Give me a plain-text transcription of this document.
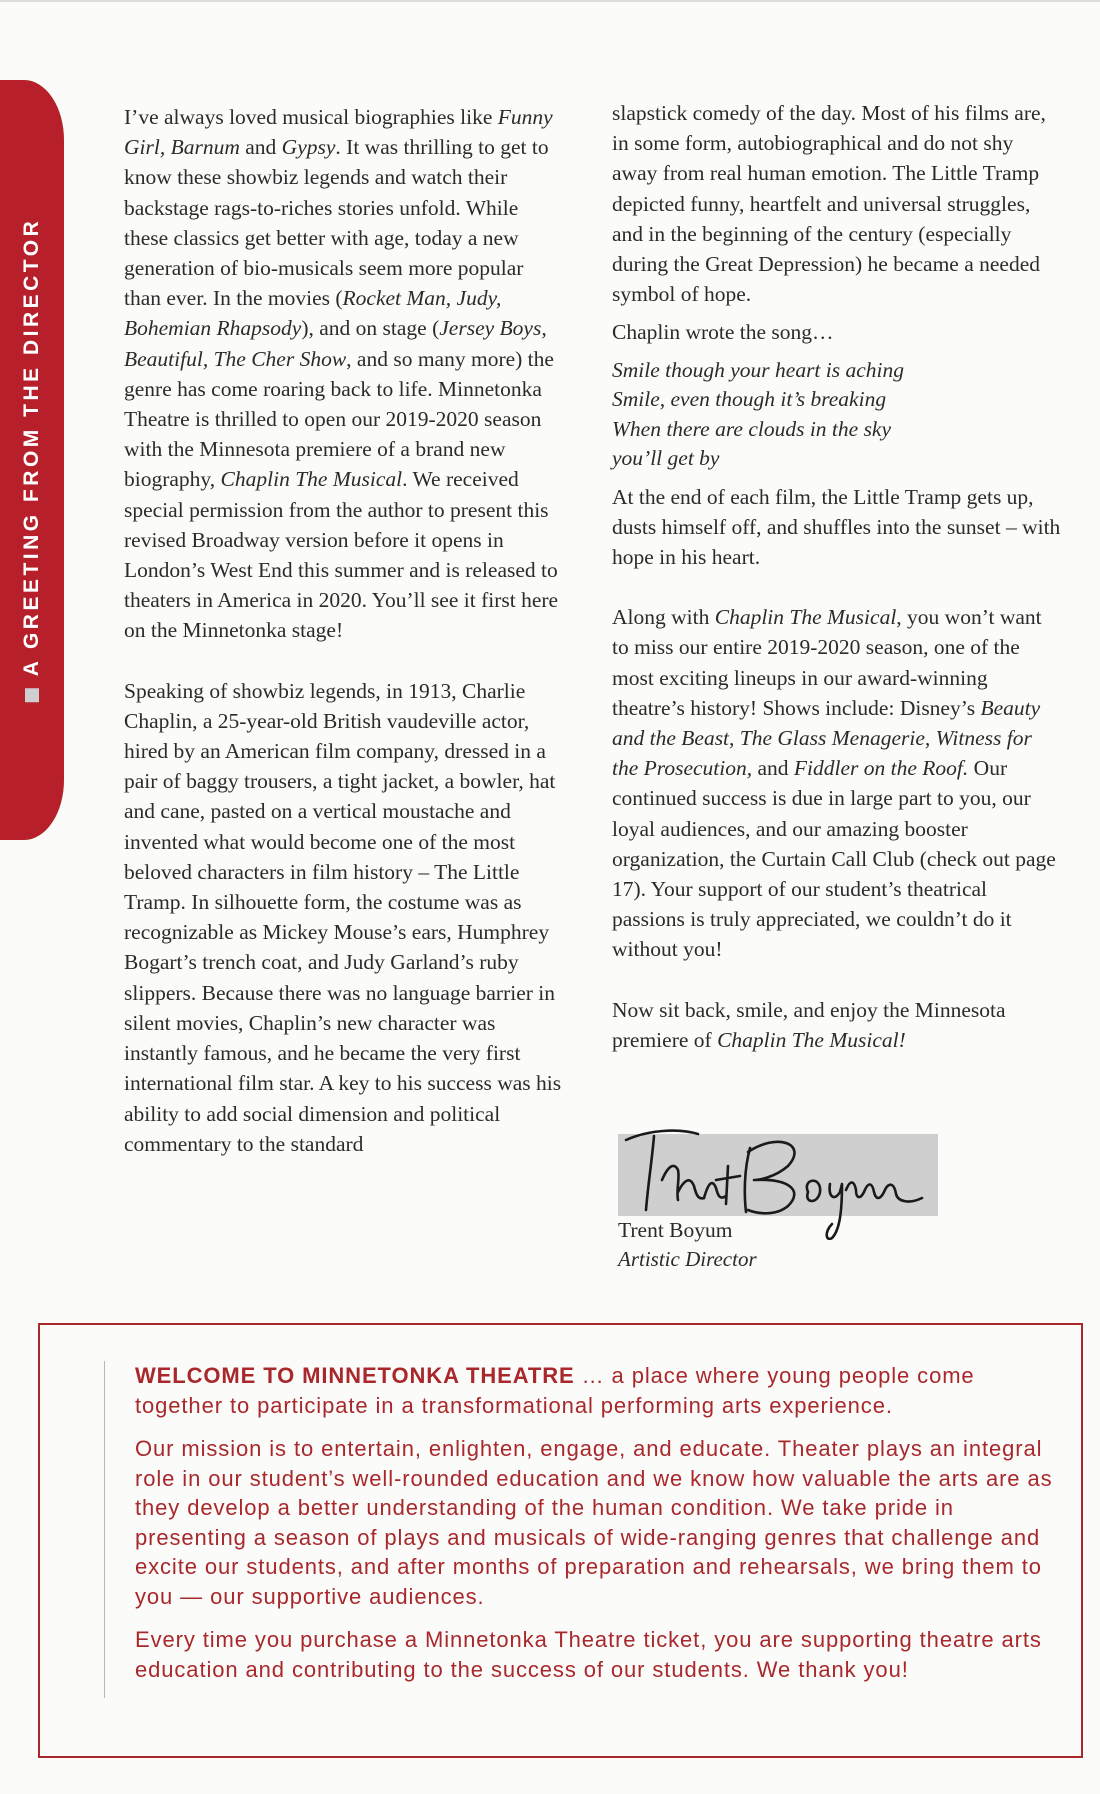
A GREETING FROM THE DIRECTOR

I’ve always loved musical biographies like Funny Girl, Barnum and Gypsy. It was thrilling to get to know these showbiz legends and watch their backstage rags-to-riches stories unfold. While these classics get better with age, today a new generation of bio-musicals seem more popular than ever. In the movies (Rocket Man, Judy, Bohemian Rhapsody), and on stage (Jersey Boys, Beautiful, The Cher Show, and so many more) the genre has come roaring back to life. Minnetonka Theatre is thrilled to open our 2019-2020 season with the Minnesota premiere of a brand new biography, Chaplin The Musical. We received special permission from the author to present this revised Broadway version before it opens in London’s West End this summer and is released to theaters in America in 2020. You’ll see it first here on the Minnetonka stage!

Speaking of showbiz legends, in 1913, Charlie Chaplin, a 25-year-old British vaudeville actor, hired by an American film company, dressed in a pair of baggy trousers, a tight jacket, a bowler, hat and cane, pasted on a vertical moustache and invented what would become one of the most beloved characters in film history – The Little Tramp. In silhouette form, the costume was as recognizable as Mickey Mouse’s ears, Humphrey Bogart’s trench coat, and Judy Garland’s ruby slippers. Because there was no language barrier in silent movies, Chaplin’s new character was instantly famous, and he became the very first international film star. A key to his success was his ability to add social dimension and political commentary to the standard

slapstick comedy of the day. Most of his films are, in some form, autobiographical and do not shy away from real human emotion. The Little Tramp depicted funny, heartfelt and universal struggles, and in the beginning of the century (especially during the Great Depression) he became a needed symbol of hope.

Chaplin wrote the song…

Smile though your heart is aching
Smile, even though it’s breaking
When there are clouds in the sky
you’ll get by

At the end of each film, the Little Tramp gets up, dusts himself off, and shuffles into the sunset – with hope in his heart.

Along with Chaplin The Musical, you won’t want to miss our entire 2019-2020 season, one of the most exciting lineups in our award-winning theatre’s history! Shows include: Disney’s Beauty and the Beast, The Glass Menagerie, Witness for the Prosecution, and Fiddler on the Roof. Our continued success is due in large part to you, our loyal audiences, and our amazing booster organization, the Curtain Call Club (check out page 17). Your support of our student’s theatrical passions is truly appreciated, we couldn’t do it without you!

Now sit back, smile, and enjoy the Minnesota premiere of Chaplin The Musical!

Trent Boyum
Artistic Director

WELCOME TO MINNETONKA THEATRE … a place where young people come together to participate in a transformational performing arts experience.

Our mission is to entertain, enlighten, engage, and educate. Theater plays an integral role in our student’s well-rounded education and we know how valuable the arts are as they develop a better understanding of the human condition. We take pride in presenting a season of plays and musicals of wide-ranging genres that challenge and excite our students, and after months of preparation and rehearsals, we bring them to you — our supportive audiences.

Every time you purchase a Minnetonka Theatre ticket, you are supporting theatre arts education and contributing to the success of our students. We thank you!
